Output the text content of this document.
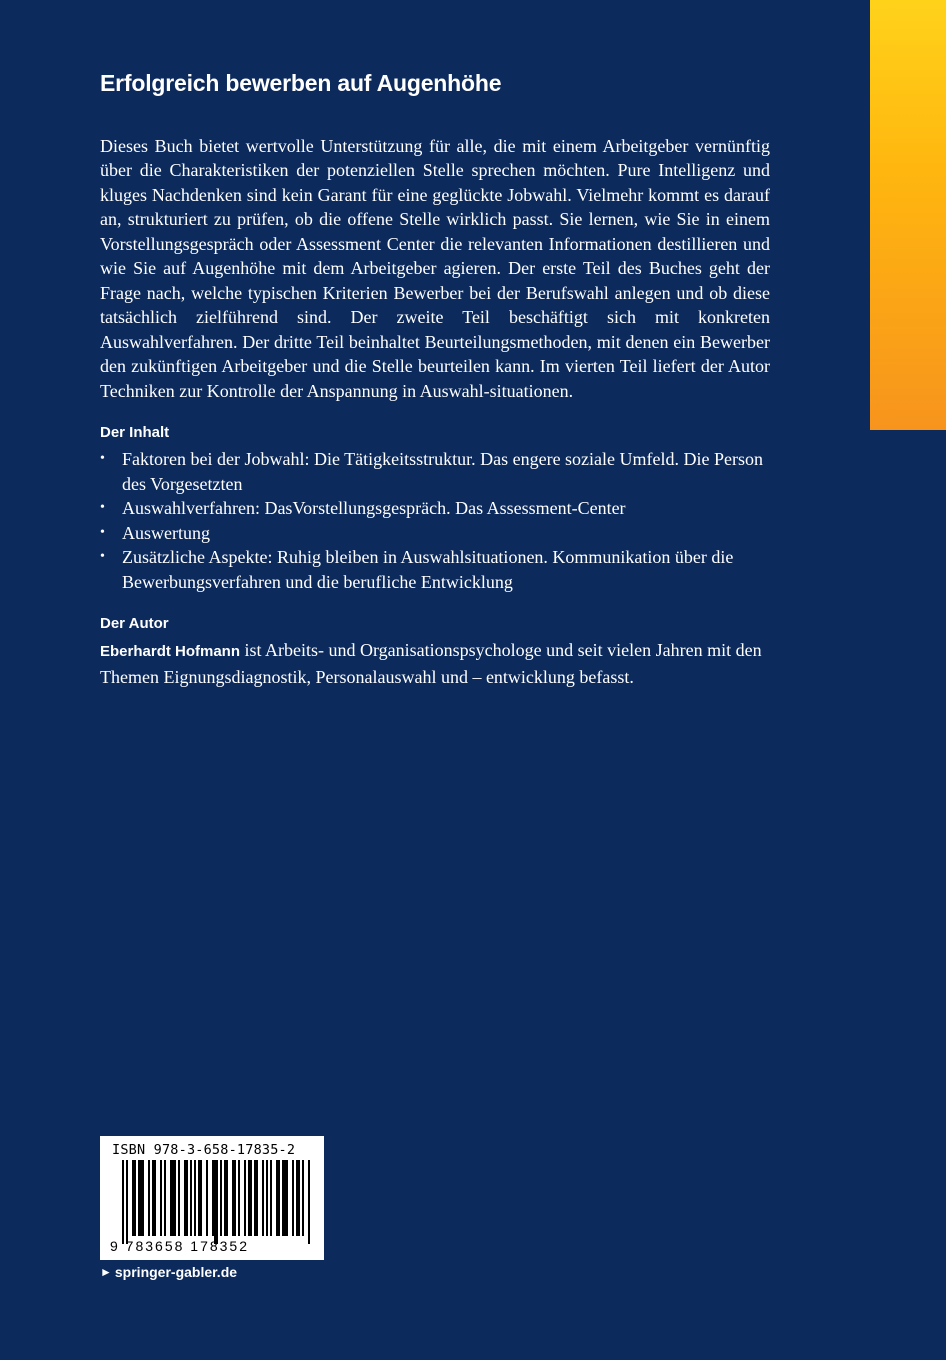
Erfolgreich bewerben auf Augenhöhe

Dieses Buch bietet wertvolle Unterstützung für alle, die mit einem Arbeitgeber vernünftig über die Charakteristiken der potenziellen Stelle sprechen möchten. Pure Intelligenz und kluges Nachdenken sind kein Garant für eine geglückte Jobwahl. Vielmehr kommt es darauf an, strukturiert zu prüfen, ob die offene Stelle wirklich passt. Sie lernen, wie Sie in einem Vorstellungsgespräch oder Assessment Center die relevanten Informationen destillieren und wie Sie auf Augenhöhe mit dem Arbeitgeber agieren. Der erste Teil des Buches geht der Frage nach, welche typischen Kriterien Bewerber bei der Berufswahl anlegen und ob diese tatsächlich zielführend sind. Der zweite Teil beschäftigt sich mit konkreten Auswahlverfahren. Der dritte Teil beinhaltet Beurteilungsmethoden, mit denen ein Bewerber den zukünftigen Arbeitgeber und die Stelle beurteilen kann. Im vierten Teil liefert der Autor Techniken zur Kontrolle der Anspannung in Auswahl-situationen.

Der Inhalt
• Faktoren bei der Jobwahl: Die Tätigkeitsstruktur. Das engere soziale Umfeld. Die Person des Vorgesetzten
• Auswahlverfahren: DasVorstellungsgespräch. Das Assessment-Center
• Auswertung
• Zusätzliche Aspekte: Ruhig bleiben in Auswahlsituationen. Kommunikation über die Bewerbungsverfahren und die berufliche Entwicklung
Der Autor

Eberhardt Hofmann ist Arbeits- und Organisationspsychologe und seit vielen Jahren mit den Themen Eignungsdiagnostik, Personalauswahl und – entwicklung befasst.

ISBN 978-3-658-17835-2
9 783658 178352
► springer-gabler.de
